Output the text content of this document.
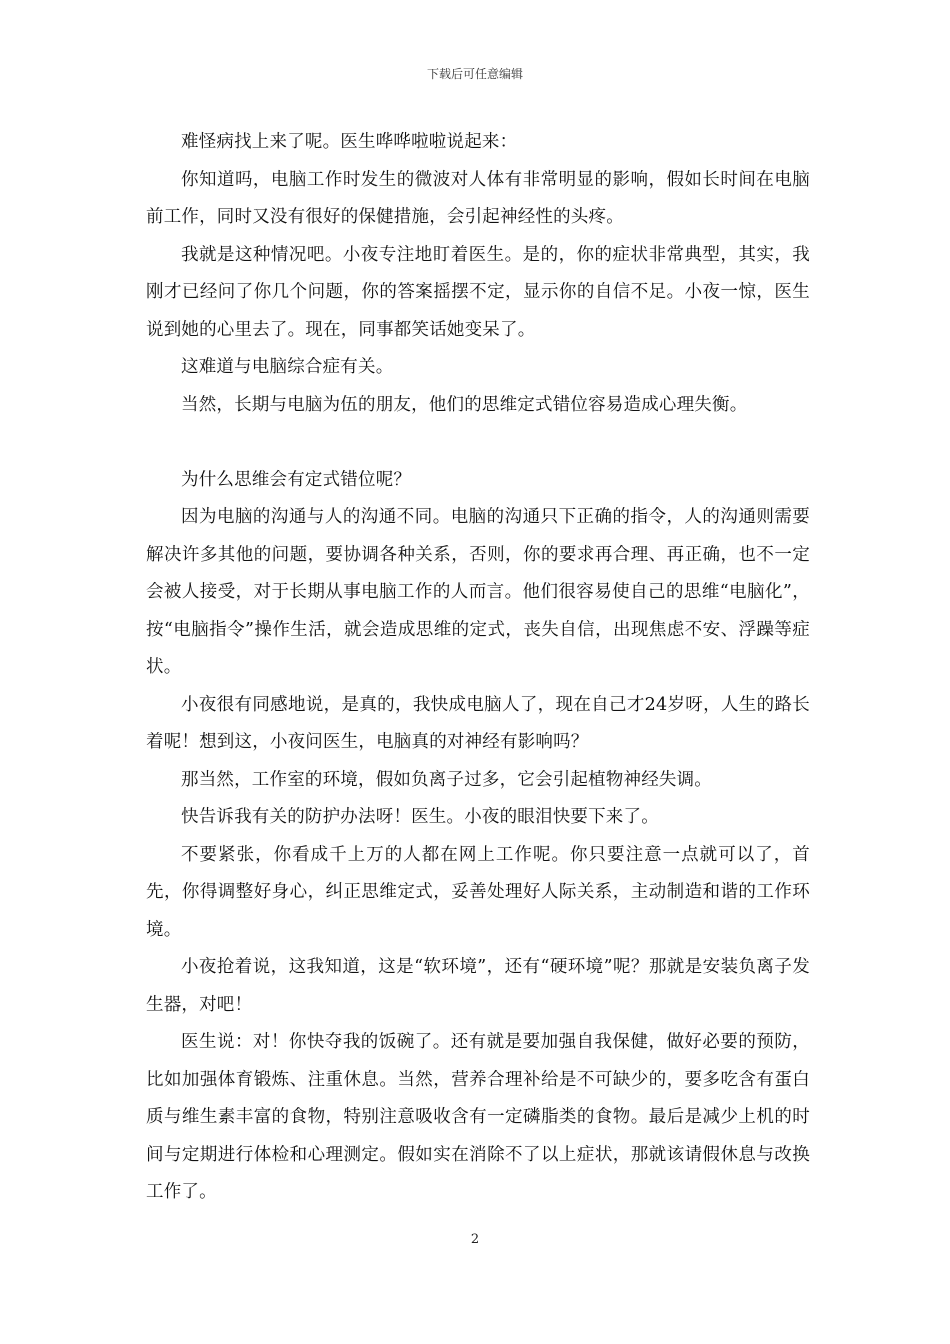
下载后可任意编辑

难怪病找上来了呢。医生哗哗啦啦说起来：

你知道吗，电脑工作时发生的微波对人体有非常明显的影响，假如长时间在电脑前工作，同时又没有很好的保健措施，会引起神经性的头疼。

我就是这种情况吧。小夜专注地盯着医生。是的，你的症状非常典型，其实，我刚才已经问了你几个问题，你的答案摇摆不定，显示你的自信不足。小夜一惊，医生说到她的心里去了。现在，同事都笑话她变呆了。

这难道与电脑综合症有关。

当然，长期与电脑为伍的朋友，他们的思维定式错位容易造成心理失衡。

为什么思维会有定式错位呢？

因为电脑的沟通与人的沟通不同。电脑的沟通只下正确的指令，人的沟通则需要解决许多其他的问题，要协调各种关系，否则，你的要求再合理、再正确，也不一定会被人接受，对于长期从事电脑工作的人而言。他们很容易使自己的思维“电脑化”，按“电脑指令”操作生活，就会造成思维的定式，丧失自信，出现焦虑不安、浮躁等症状。

小夜很有同感地说，是真的，我快成电脑人了，现在自己才24岁呀，人生的路长着呢！想到这，小夜问医生，电脑真的对神经有影响吗？

那当然，工作室的环境，假如负离子过多，它会引起植物神经失调。

快告诉我有关的防护办法呀！医生。小夜的眼泪快要下来了。

不要紧张，你看成千上万的人都在网上工作呢。你只要注意一点就可以了，首先，你得调整好身心，纠正思维定式，妥善处理好人际关系，主动制造和谐的工作环境。

小夜抢着说，这我知道，这是“软环境”，还有“硬环境”呢？那就是安装负离子发生器，对吧！

医生说：对！你快夺我的饭碗了。还有就是要加强自我保健，做好必要的预防，比如加强体育锻炼、注重休息。当然，营养合理补给是不可缺少的，要多吃含有蛋白质与维生素丰富的食物，特别注意吸收含有一定磷脂类的食物。最后是减少上机的时间与定期进行体检和心理测定。假如实在消除不了以上症状，那就该请假休息与改换工作了。

2
